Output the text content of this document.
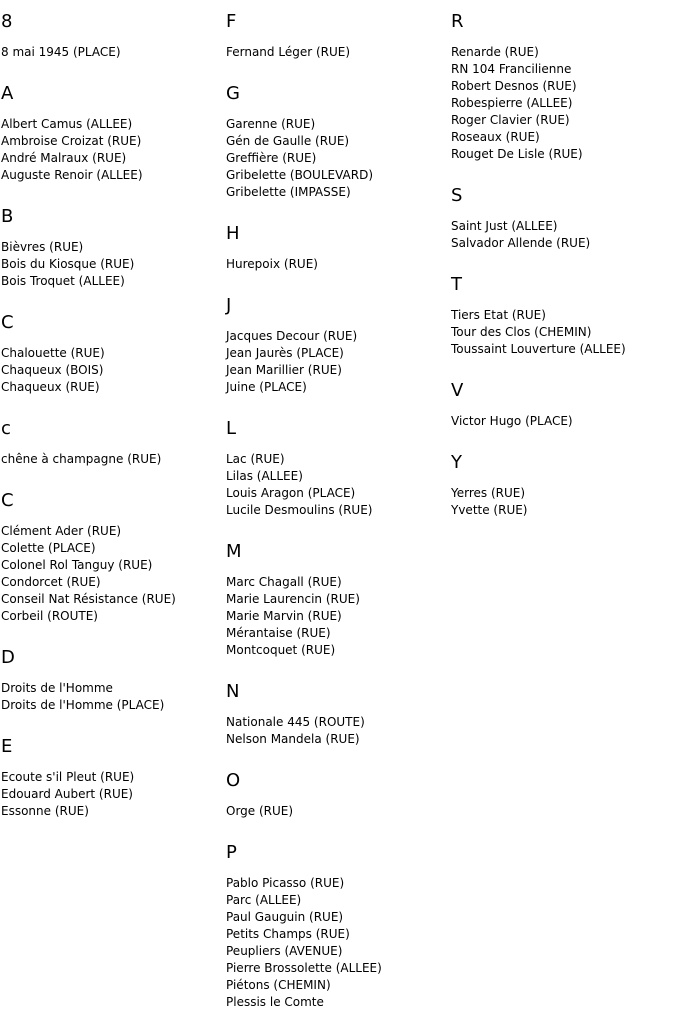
8
8 mai 1945 (PLACE)
A
Albert Camus (ALLEE)
Ambroise Croizat (RUE)
André Malraux (RUE)
Auguste Renoir (ALLEE)
B
Bièvres (RUE)
Bois du Kiosque (RUE)
Bois Troquet (ALLEE)
C
Chalouette (RUE)
Chaqueux (BOIS)
Chaqueux (RUE)
c
chêne à champagne (RUE)
C
Clément Ader (RUE)
Colette (PLACE)
Colonel Rol Tanguy (RUE)
Condorcet (RUE)
Conseil Nat Résistance (RUE)
Corbeil (ROUTE)
D
Droits de l'Homme
Droits de l'Homme (PLACE)
E
Ecoute s'il Pleut (RUE)
Edouard Aubert (RUE)
Essonne (RUE)
F
Fernand Léger (RUE)
G
Garenne (RUE)
Gén de Gaulle (RUE)
Greffière (RUE)
Gribelette (BOULEVARD)
Gribelette (IMPASSE)
H
Hurepoix (RUE)
J
Jacques Decour (RUE)
Jean Jaurès (PLACE)
Jean Marillier (RUE)
Juine (PLACE)
L
Lac (RUE)
Lilas (ALLEE)
Louis Aragon (PLACE)
Lucile Desmoulins (RUE)
M
Marc Chagall (RUE)
Marie Laurencin (RUE)
Marie Marvin (RUE)
Mérantaise (RUE)
Montcoquet (RUE)
N
Nationale 445 (ROUTE)
Nelson Mandela (RUE)
O
Orge (RUE)
P
Pablo Picasso (RUE)
Parc (ALLEE)
Paul Gauguin (RUE)
Petits Champs (RUE)
Peupliers (AVENUE)
Pierre Brossolette (ALLEE)
Piétons (CHEMIN)
Plessis le Comte
R
Renarde (RUE)
RN 104 Francilienne
Robert Desnos (RUE)
Robespierre (ALLEE)
Roger Clavier (RUE)
Roseaux (RUE)
Rouget De Lisle (RUE)
S
Saint Just (ALLEE)
Salvador Allende (RUE)
T
Tiers Etat (RUE)
Tour des Clos (CHEMIN)
Toussaint Louverture (ALLEE)
V
Victor Hugo (PLACE)
Y
Yerres (RUE)
Yvette (RUE)
